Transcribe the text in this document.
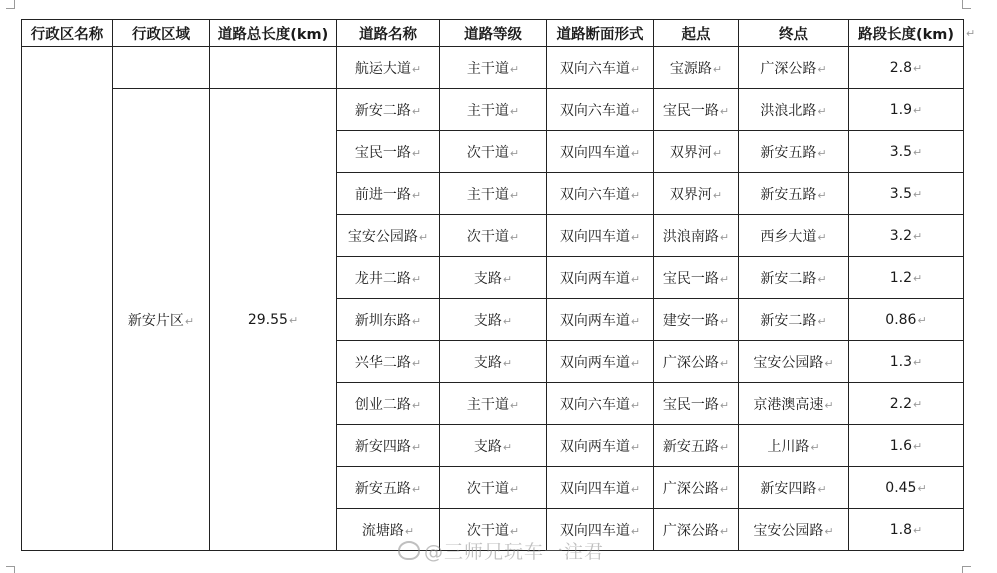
行政区名称	行政区域	道路总长度(km)	道路名称	道路等级	道路断面形式	起点	终点	路段长度(km)
			航运大道↵	主干道↵	双向六车道↵	宝源路↵	广深公路↵	2.8↵
	新安片区↵	29.55↵	新安二路↵	主干道↵	双向六车道↵	宝民一路↵	洪浪北路↵	1.9↵
			宝民一路↵	次干道↵	双向四车道↵	双界河↵	新安五路↵	3.5↵
			前进一路↵	主干道↵	双向六车道↵	双界河↵	新安五路↵	3.5↵
			宝安公园路↵	次干道↵	双向四车道↵	洪浪南路↵	西乡大道↵	3.2↵
			龙井二路↵	支路↵	双向两车道↵	宝民一路↵	新安二路↵	1.2↵
			新圳东路↵	支路↵	双向两车道↵	建安一路↵	新安二路↵	0.86↵
			兴华二路↵	支路↵	双向两车道↵	广深公路↵	宝安公园路↵	1.3↵
			创业二路↵	主干道↵	双向六车道↵	宝民一路↵	京港澳高速↵	2.2↵
			新安四路↵	支路↵	双向两车道↵	新安五路↵	上川路↵	1.6↵
			新安五路↵	次干道↵	双向四车道↵	广深公路↵	新安四路↵	0.45↵
			流塘路↵	次干道↵	双向四车道↵	广深公路↵	宝安公园路↵	1.8↵
↵
@三师兄玩车一注君
